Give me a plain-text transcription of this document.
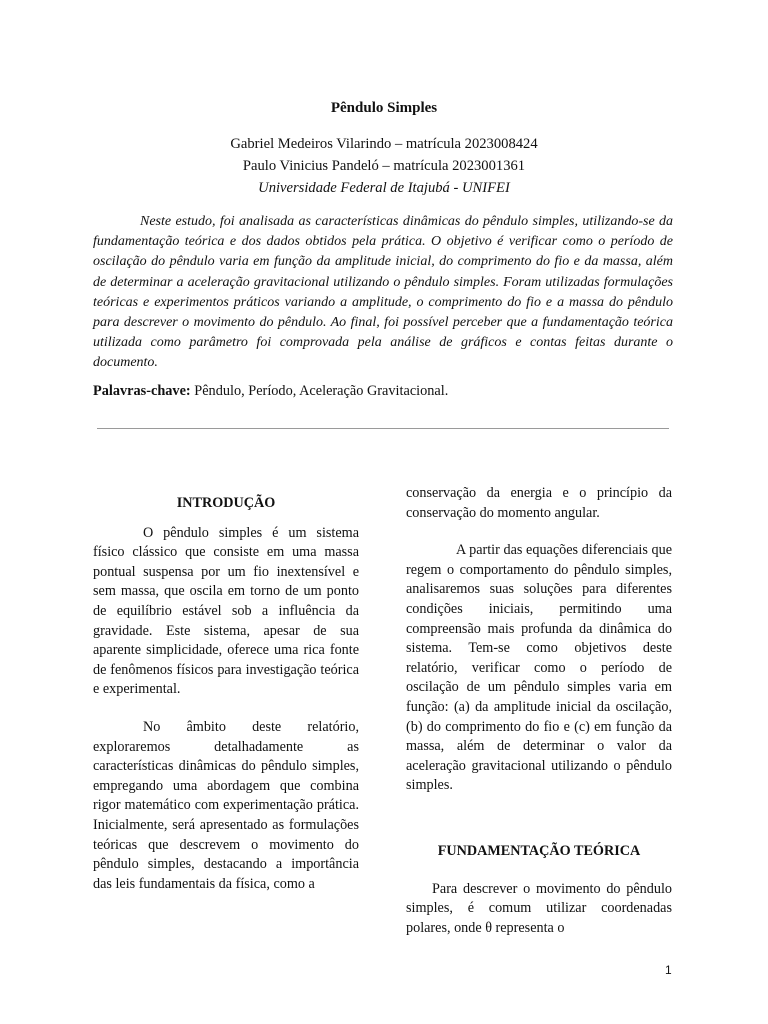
Pêndulo Simples
Gabriel Medeiros Vilarindo – matrícula 2023008424
Paulo Vinicius Pandeló – matrícula 2023001361
Universidade Federal de Itajubá - UNIFEI

Neste estudo, foi analisada as características dinâmicas do pêndulo simples, utilizando-se da fundamentação teórica e dos dados obtidos pela prática. O objetivo é verificar como o período de oscilação do pêndulo varia em função da amplitude inicial, do comprimento do fio e da massa, além de determinar a aceleração gravitacional utilizando o pêndulo simples. Foram utilizadas formulações teóricas e experimentos práticos variando a amplitude, o comprimento do fio e a massa do pêndulo para descrever o movimento do pêndulo. Ao final, foi possível perceber que a fundamentação teórica utilizada como parâmetro foi comprovada pela análise de gráficos e contas feitas durante o documento.

Palavras-chave: Pêndulo, Período, Aceleração Gravitacional.

INTRODUÇÃO

O pêndulo simples é um sistema físico clássico que consiste em uma massa pontual suspensa por um fio inextensível e sem massa, que oscila em torno de um ponto de equilíbrio estável sob a influência da gravidade. Este sistema, apesar de sua aparente simplicidade, oferece uma rica fonte de fenômenos físicos para investigação teórica e experimental.

No âmbito deste relatório, exploraremos detalhadamente as características dinâmicas do pêndulo simples, empregando uma abordagem que combina rigor matemático com experimentação prática. Inicialmente, será apresentado as formulações teóricas que descrevem o movimento do pêndulo simples, destacando a importância das leis fundamentais da física, como a

conservação da energia e o princípio da conservação do momento angular.

A partir das equações diferenciais que regem o comportamento do pêndulo simples, analisaremos suas soluções para diferentes condições iniciais, permitindo uma compreensão mais profunda da dinâmica do sistema. Tem-se como objetivos deste relatório, verificar como o período de oscilação de um pêndulo simples varia em função: (a) da amplitude inicial da oscilação, (b) do comprimento do fio e (c) em função da massa, além de determinar o valor da aceleração gravitacional utilizando o pêndulo simples.

FUNDAMENTAÇÃO TEÓRICA

Para descrever o movimento do pêndulo simples, é comum utilizar coordenadas polares, onde θ representa o

1
